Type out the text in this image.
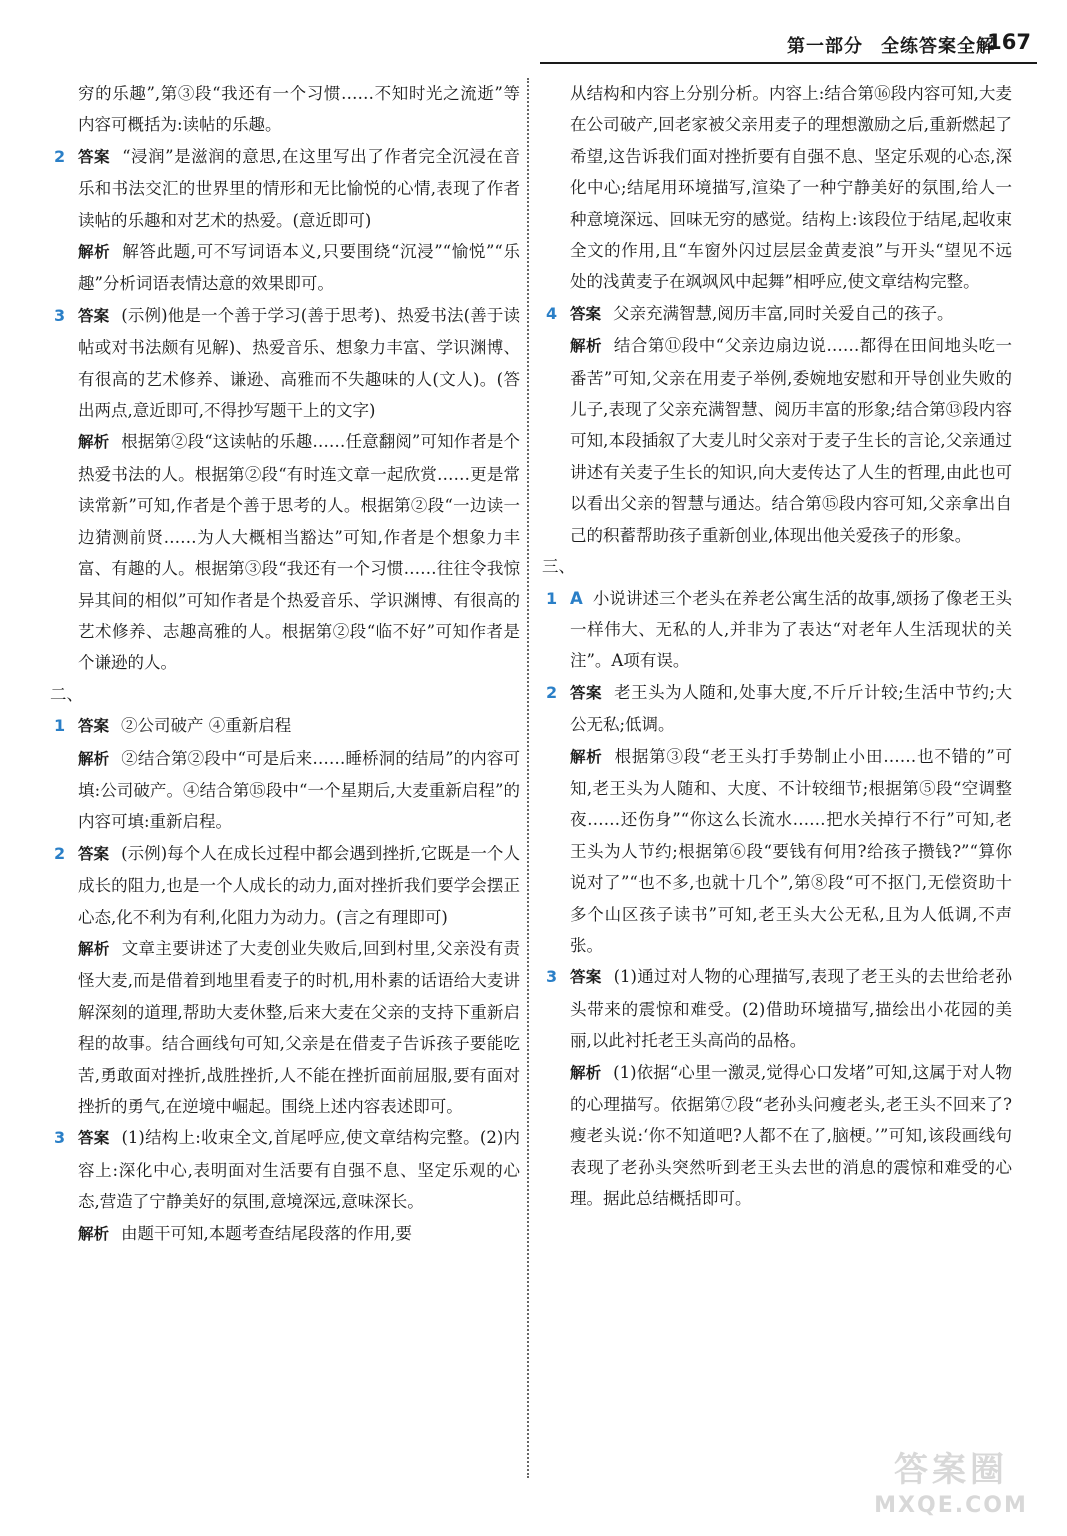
第一部分 全练答案全解
167

穷的乐趣”,第③段“我还有一个习惯……不知时光之流逝”等内容可概括为:读帖的乐趣。

2 答案 “浸润”是滋润的意思,在这里写出了作者完全沉浸在音乐和书法交汇的世界里的情形和无比愉悦的心情,表现了作者读帖的乐趣和对艺术的热爱。(意近即可)

解析 解答此题,可不写词语本义,只要围绕“沉浸”“愉悦”“乐趣”分析词语表情达意的效果即可。

3 答案 (示例)他是一个善于学习(善于思考)、热爱书法(善于读帖或对书法颇有见解)、热爱音乐、想象力丰富、学识渊博、有很高的艺术修养、谦逊、高雅而不失趣味的人(文人)。(答出两点,意近即可,不得抄写题干上的文字)

解析 根据第②段“这读帖的乐趣……任意翻阅”可知作者是个热爱书法的人。根据第②段“有时连文章一起欣赏……更是常读常新”可知,作者是个善于思考的人。根据第②段“一边读一边猜测前贤……为人大概相当豁达”可知,作者是个想象力丰富、有趣的人。根据第③段“我还有一个习惯……往往令我惊异其间的相似”可知作者是个热爱音乐、学识渊博、有很高的艺术修养、志趣高雅的人。根据第②段“临不好”可知作者是个谦逊的人。

二、

1 答案 ②公司破产 ④重新启程

解析 ②结合第②段中“可是后来……睡桥洞的结局”的内容可填:公司破产。④结合第⑮段中“一个星期后,大麦重新启程”的内容可填:重新启程。

2 答案 (示例)每个人在成长过程中都会遇到挫折,它既是一个人成长的阻力,也是一个人成长的动力,面对挫折我们要学会摆正心态,化不利为有利,化阻力为动力。(言之有理即可)

解析 文章主要讲述了大麦创业失败后,回到村里,父亲没有责怪大麦,而是借着到地里看麦子的时机,用朴素的话语给大麦讲解深刻的道理,帮助大麦休整,后来大麦在父亲的支持下重新启程的故事。结合画线句可知,父亲是在借麦子告诉孩子要能吃苦,勇敢面对挫折,战胜挫折,人不能在挫折面前屈服,要有面对挫折的勇气,在逆境中崛起。围绕上述内容表述即可。

3 答案 (1)结构上:收束全文,首尾呼应,使文章结构完整。(2)内容上:深化中心,表明面对生活要有自强不息、坚定乐观的心态,营造了宁静美好的氛围,意境深远,意味深长。

解析 由题干可知,本题考查结尾段落的作用,要

从结构和内容上分别分析。内容上:结合第⑯段内容可知,大麦在公司破产,回老家被父亲用麦子的理想激励之后,重新燃起了希望,这告诉我们面对挫折要有自强不息、坚定乐观的心态,深化中心;结尾用环境描写,渲染了一种宁静美好的氛围,给人一种意境深远、回味无穷的感觉。结构上:该段位于结尾,起收束全文的作用,且“车窗外闪过层层金黄麦浪”与开头“望见不远处的浅黄麦子在飒飒风中起舞”相呼应,使文章结构完整。

4 答案 父亲充满智慧,阅历丰富,同时关爱自己的孩子。

解析 结合第⑪段中“父亲边扇边说……都得在田间地头吃一番苦”可知,父亲在用麦子举例,委婉地安慰和开导创业失败的儿子,表现了父亲充满智慧、阅历丰富的形象;结合第⑬段内容可知,本段插叙了大麦儿时父亲对于麦子生长的言论,父亲通过讲述有关麦子生长的知识,向大麦传达了人生的哲理,由此也可以看出父亲的智慧与通达。结合第⑮段内容可知,父亲拿出自己的积蓄帮助孩子重新创业,体现出他关爱孩子的形象。

三、

1 A 小说讲述三个老头在养老公寓生活的故事,颂扬了像老王头一样伟大、无私的人,并非为了表达“对老年人生活现状的关注”。A项有误。

2 答案 老王头为人随和,处事大度,不斤斤计较;生活中节约;大公无私;低调。

解析 根据第③段“老王头打手势制止小田……也不错的”可知,老王头为人随和、大度、不计较细节;根据第⑤段“空调整夜……还伤身”“你这么长流水……把水关掉行不行”可知,老王头为人节约;根据第⑥段“要钱有何用?给孩子攒钱?”“算你说对了”“也不多,也就十几个”,第⑧段“可不抠门,无偿资助十多个山区孩子读书”可知,老王头大公无私,且为人低调,不声张。

3 答案 (1)通过对人物的心理描写,表现了老王头的去世给老孙头带来的震惊和难受。(2)借助环境描写,描绘出小花园的美丽,以此衬托老王头高尚的品格。

解析 (1)依据“心里一激灵,觉得心口发堵”可知,这属于对人物的心理描写。依据第⑦段“老孙头问瘦老头,老王头不回来了?瘦老头说:‘你不知道吧?人都不在了,脑梗。’”可知,该段画线句表现了老孙头突然听到老王头去世的消息的震惊和难受的心理。据此总结概括即可。

答案圈
MXQE.COM
